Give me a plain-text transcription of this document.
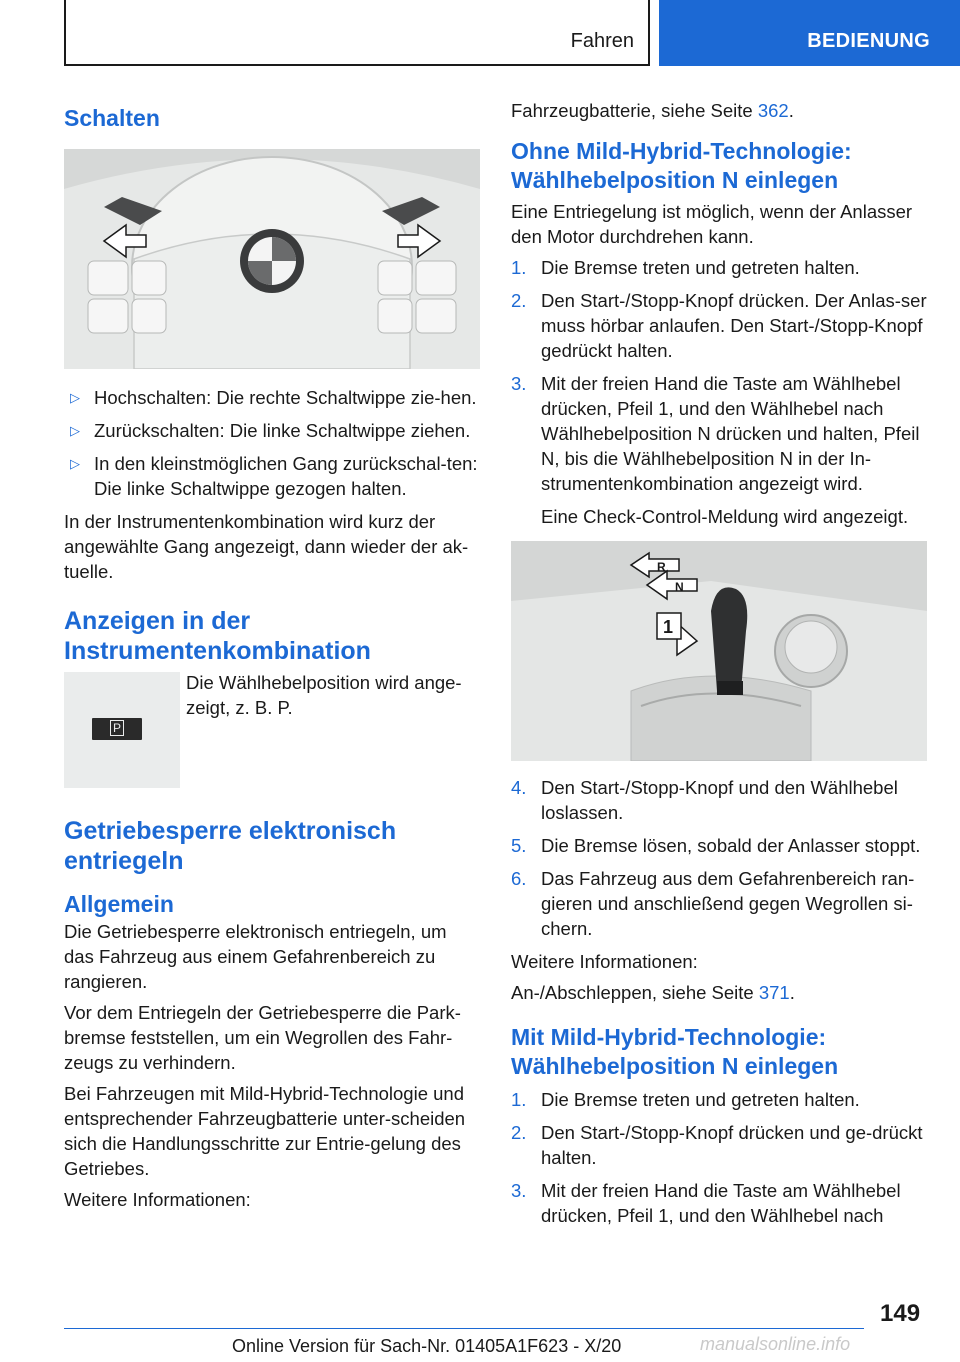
Fahren	BEDIENUNG
Schalten
▷ Hochschalten: Die rechte Schaltwippe zie-hen.
▷ Zurückschalten: Die linke Schaltwippe ziehen.
▷ In den kleinstmöglichen Gang zurückschal-ten: Die linke Schaltwippe gezogen halten.

In der Instrumentenkombination wird kurz der angewählte Gang angezeigt, dann wieder der ak-tuelle.

Anzeigen in der Instrumentenkombination
P

Die Wählhebelposition wird ange-zeigt, z. B. P.

Getriebesperre elektronisch entriegeln
Allgemein

Die Getriebesperre elektronisch entriegeln, um das Fahrzeug aus einem Gefahrenbereich zu rangieren.

Vor dem Entriegeln der Getriebesperre die Park-bremse feststellen, um ein Wegrollen des Fahr-zeugs zu verhindern.

Bei Fahrzeugen mit Mild-Hybrid-Technologie und entsprechender Fahrzeugbatterie unter-scheiden sich die Handlungsschritte zur Entrie-gelung des Getriebes.

Weitere Informationen:

Fahrzeugbatterie, siehe Seite 362.

Ohne Mild-Hybrid-Technologie: Wählhebelposition N einlegen

Eine Entriegelung ist möglich, wenn der Anlasser den Motor durchdrehen kann.

1. Die Bremse treten und getreten halten.
2. Den Start-/Stopp-Knopf drücken. Der Anlas-ser muss hörbar anlaufen. Den Start-/Stopp-Knopf gedrückt halten.
3. Mit der freien Hand die Taste am Wählhebel drücken, Pfeil 1, und den Wählhebel nach Wählhebelposition N drücken und halten, Pfeil N, bis die Wählhebelposition N in der In-strumentenkombination angezeigt wird.

Eine Check-Control-Meldung wird angezeigt.

R
N
1
4. Den Start-/Stopp-Knopf und den Wählhebel loslassen.
5. Die Bremse lösen, sobald der Anlasser stoppt.
6. Das Fahrzeug aus dem Gefahrenbereich ran-gieren und anschließend gegen Wegrollen si-chern.

Weitere Informationen:

An-/Abschleppen, siehe Seite 371.

Mit Mild-Hybrid-Technologie: Wählhebelposition N einlegen
1. Die Bremse treten und getreten halten.
2. Den Start-/Stopp-Knopf drücken und ge-drückt halten.
3. Mit der freien Hand die Taste am Wählhebel drücken, Pfeil 1, und den Wählhebel nach
149
Online Version für Sach-Nr. 01405A1F623 - X/20	manualsonline.info
